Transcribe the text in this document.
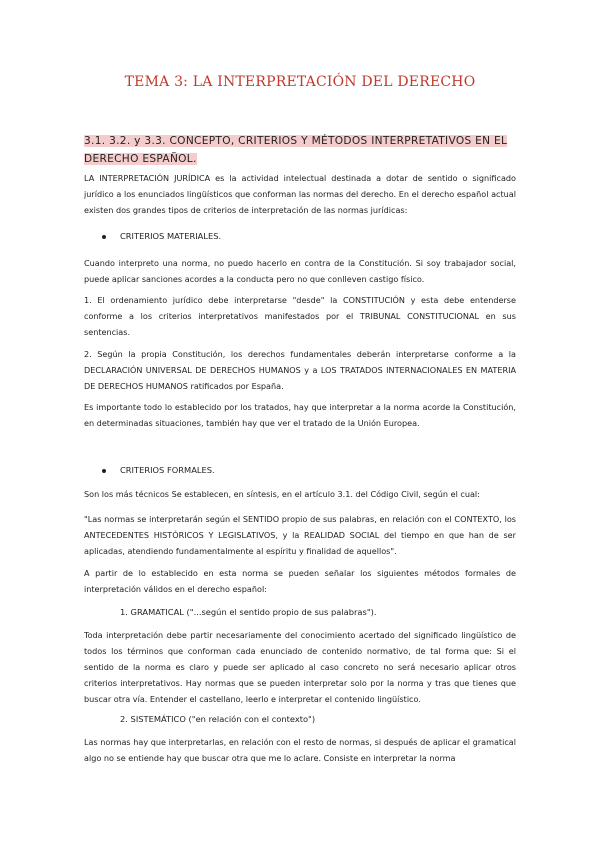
TEMA 3: LA INTERPRETACIÓN DEL DERECHO
3.1. 3.2. y 3.3. CONCEPTO, CRITERIOS Y MÉTODOS INTERPRETATIVOS EN EL DERECHO ESPAÑOL.

LA INTERPRETACIÓN JURÍDICA es la actividad intelectual destinada a dotar de sentido o significado jurídico a los enunciados lingüísticos que conforman las normas del derecho. En el derecho español actual existen dos grandes tipos de criterios de interpretación de las normas jurídicas:

CRITERIOS MATERIALES.

Cuando interpreto una norma, no puedo hacerlo en contra de la Constitución. Si soy trabajador social, puede aplicar sanciones acordes a la conducta pero no que conlleven castigo físico.

1. El ordenamiento jurídico debe interpretarse "desde" la CONSTITUCIÓN y esta debe entenderse conforme a los criterios interpretativos manifestados por el TRIBUNAL CONSTITUCIONAL en sus sentencias.

2. Según la propia Constitución, los derechos fundamentales deberán interpretarse conforme a la DECLARACIÓN UNIVERSAL DE DERECHOS HUMANOS y a LOS TRATADOS INTERNACIONALES EN MATERIA DE DERECHOS HUMANOS ratificados por España.

Es importante todo lo establecido por los tratados, hay que interpretar a la norma acorde la Constitución, en determinadas situaciones, también hay que ver el tratado de la Unión Europea.

CRITERIOS FORMALES.

Son los más técnicos Se establecen, en síntesis, en el artículo 3.1. del Código Civil, según el cual:

"Las normas se interpretarán según el SENTIDO propio de sus palabras, en relación con el CONTEXTO, los ANTECEDENTES HISTÓRICOS Y LEGISLATIVOS, y la REALIDAD SOCIAL del tiempo en que han de ser aplicadas, atendiendo fundamentalmente al espíritu y finalidad de aquellos".

A partir de lo establecido en esta norma se pueden señalar los siguientes métodos formales de interpretación válidos en el derecho español:

1. GRAMATICAL ("...según el sentido propio de sus palabras").

Toda interpretación debe partir necesariamente del conocimiento acertado del significado lingüístico de todos los términos que conforman cada enunciado de contenido normativo, de tal forma que: Si el sentido de la norma es claro y puede ser aplicado al caso concreto no será necesario aplicar otros criterios interpretativos. Hay normas que se pueden interpretar solo por la norma y tras que tienes que buscar otra vía. Entender el castellano, leerlo e interpretar el contenido lingüístico.

2. SISTEMÁTICO ("en relación con el contexto")

Las normas hay que interpretarlas, en relación con el resto de normas, si después de aplicar el gramatical algo no se entiende hay que buscar otra que me lo aclare. Consiste en interpretar la norma
